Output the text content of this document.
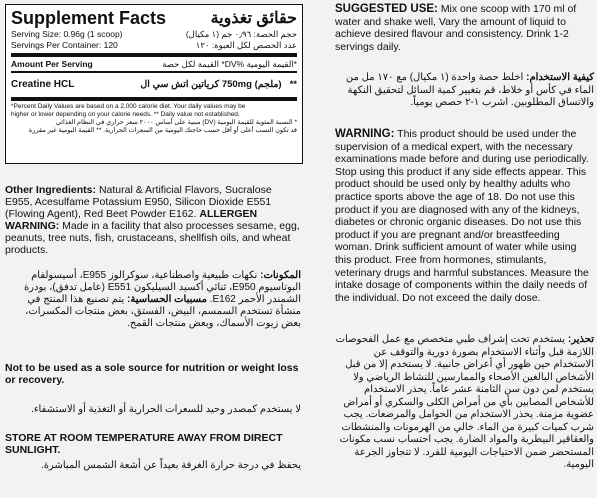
Supplement Facts	حقائق تغذوية
Serving Size: 0.96g (1 scoop)	حجم الحصة: ٠٫٩٦ جم (١ مكيال)
Servings Per Container: 120	عدد الحصص لكل العبوة: ١٢٠
Amount Per Serving	*القيمة اليومية %DV* القيمة لكل حصة
Creatine HCL	(ملجم) 750mg كرياتين اتش سي ال **
*Percent Daily Values are based on a 2,000 calorie diet. Your daily values may be
higher or lower depending on your calorie needs. ** Daily value not established.
* النسبة المئوية للقيمة اليومية (DV) مبنية على أساس ٢٠٠٠ سعر حراري في النظام الغذائي
قد تكون النسب أعلى أو أقل حسب حاجتك اليومية من السعرات الحرارية. ** القيمة اليومية غير مقررة
Other Ingredients: Natural & Artificial Flavors, Sucralose E955, Acesulfame Potassium E950, Silicon Dioxide E551 (Flowing Agent), Red Beet Powder E162. ALLERGEN WARNING: Made in a facility that also processes sesame, egg, peanuts, tree nuts, fish, crustaceans, shellfish oils, and wheat products.
المكونات: نكهات طبيعية واصطناعية، سوكرالوز E955، أسيسولفام البوتاسيوم E950، ثنائي أكسيد السيليكون E551 (عامل تدفق)، بودرة الشمندر الأحمر E162. مسببات الحساسية: يتم تصنيع هذا المنتج في منشأة تستخدم السمسم، البيض، الفستق، بعض منتجات المكسرات، بعض زيوت الأسماك، وبعض منتجات القمح.
Not to be used as a sole source for nutrition or weight loss or recovery.
لا يستخدم كمصدر وحيد للسعرات الحرارية أو التغذية أو الاستشفاء.
STORE AT ROOM TEMPERATURE AWAY FROM DIRECT SUNLIGHT.
يحفظ في درجة حرارة الغرفة بعيداً عن أشعة الشمس المباشرة.
SUGGESTED USE: Mix one scoop with 170 ml of water and shake well, Vary the amount of liquid to achieve desired flavour and consistency. Drink 1-2 servings daily.
كيفية الاستخدام: اخلط حصة واحدة (١ مكيال) مع ١٧٠ مل من الماء في كأس أو خلاط، قم بتغيير كمية السائل لتحقيق النكهة والاتساق المطلوبين. اشرب ١-٢ حصص يومياً.
WARNING: This product should be used under the supervision of a medical expert, with the necessary examinations made before and during use periodically. Stop using this product if any side effects appear. This product should be used only by healthy adults who practice sports above the age of 18. Do not use this product if you are diagnosed with any of the kidneys, diabetes or chronic organic diseases. Do not use this product if you are pregnant and/or breastfeeding woman. Drink sufficient amount of water while using this product. Free from hormones, stimulants, veterinary drugs and harmful substances. Measure the intake dosage of components within the daily needs of the individual. Do not exceed the daily dose.
تحذير: يستخدم تحت إشراف طبي متخصص مع عمل الفحوصات اللازمة قبل وأثناء الاستخدام بصورة دورية والتوقف عن الاستخدام حين ظهور أي أعراض جانبية. لا يستخدم إلا من قبل الأشخاص البالغين الأصحاء والممارسين للنشاط الرياضي ولا يستخدم لمن دون سن الثامنة عشر عاماً. يحذر الاستخدام للأشخاص المصابين بأي من أمراض الكلى والسكري أو أمراض عضوية مزمنة. يحذر الاستخدام من الحوامل والمرضعات. يجب شرب كميات كبيرة من الماء. خالي من الهرمونات والمنشطات والعقاقير البيطرية والمواد الضارة. يجب احتساب نسب مكونات المستحضر ضمن الاحتياجات اليومية للفرد. لا تتجاوز الجرعة اليومية.
